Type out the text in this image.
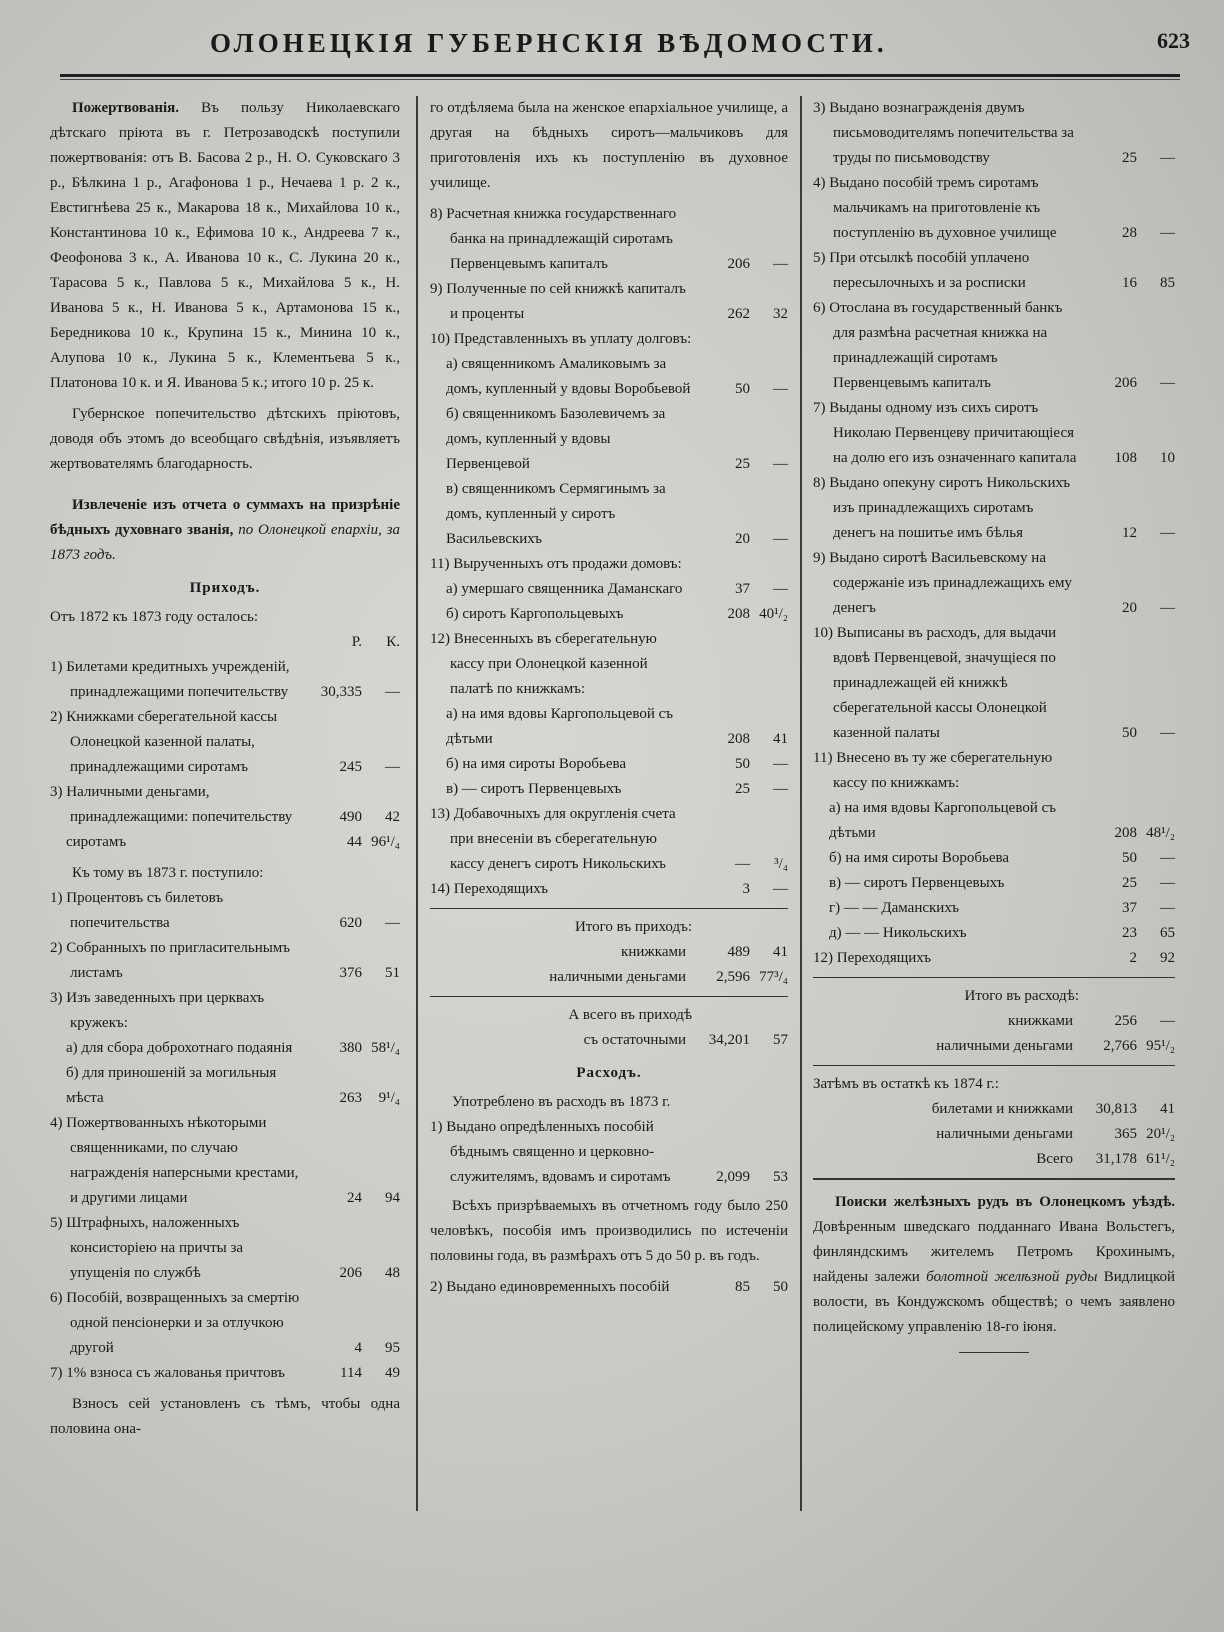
ОЛОНЕЦКІЯ ГУБЕРНСКІЯ ВѢДОМОСТИ.	623

Пожертвованія. Въ пользу Николаевскаго дѣтскаго пріюта въ г. Петрозаводскѣ поступили пожертвованія: отъ В. Басова 2 р., Н. О. Суковскаго 3 р., Бѣлкина 1 р., Агафонова 1 р., Нечаева 1 р. 2 к., Евстигнѣева 25 к., Макарова 18 к., Михайлова 10 к., Константинова 10 к., Ефимова 10 к., Андреева 7 к., Феофонова 3 к., А. Иванова 10 к., С. Лукина 20 к., Тарасова 5 к., Павлова 5 к., Михайлова 5 к., Н. Иванова 5 к., Н. Иванова 5 к., Артамонова 15 к., Бередникова 10 к., Крупина 15 к., Минина 10 к., Алупова 10 к., Лукина 5 к., Клементьева 5 к., Платонова 10 к. и Я. Иванова 5 к.; итого 10 р. 25 к.

Губернское попечительство дѣтскихъ пріютовъ, доводя объ этомъ до всеобщаго свѣдѣнія, изъявляетъ жертвователямъ благодарность.

Извлеченіе изъ отчета о суммахъ на призрѣніе бѣдныхъ духовнаго званія, по Олонецкой епархіи, за 1873 годъ.

Приходъ.
Отъ 1872 къ 1873 году осталось:
Р.	К.
1) Билетами кредитныхъ учрежденій, принадлежащими попечительству	30,335	—
2) Книжками сберегательной кассы Олонецкой казенной палаты, принадлежащими сиротамъ	245	—
3) Наличными деньгами, принадлежащими: попечительству	490	42
сиротамъ	44 96¹/₄
Къ тому въ 1873 г. поступило:
1) Процентовъ съ билетовъ попечительства	620	—
2) Собранныхъ по пригласительнымъ листамъ	376	51
3) Изъ заведенныхъ при церквахъ кружекъ:
а) для сбора доброхотнаго подаянія	380 58¹/₄
б) для приношеній за могильныя мѣста	263	9¹/₄
4) Пожертвованныхъ нѣкоторыми священниками, по случаю награжденія наперсными крестами, и другими лицами	24	94
5) Штрафныхъ, наложенныхъ консисторіею на причты за упущенія по службѣ	206	48
6) Пособій, возвращенныхъ за смертію одной пенсіонерки и за отлучкою другой	4	95
7) 1% взноса съ жалованья причтовъ	114	49

Взносъ сей установленъ съ тѣмъ, чтобы одна половина она-

го отдѣляема была на женское епархіальное училище, а другая на бѣдныхъ сиротъ—мальчиковъ для приготовленія ихъ къ поступленію въ духовное училище.

8) Расчетная книжка государственнаго банка на принадлежащій сиротамъ Первенцевымъ капиталъ	206	—
9) Полученные по сей книжкѣ капиталъ и проценты	262	32
10) Представленныхъ въ уплату долговъ:
а) священникомъ Амаликовымъ за домъ, купленный у вдовы Воробьевой	50	—
б) священникомъ Базолевичемъ за домъ, купленный у вдовы Первенцевой	25	—
в) священникомъ Сермягинымъ за домъ, купленный у сиротъ Васильевскихъ	20	—
11) Вырученныхъ отъ продажи домовъ:
а) умершаго священника Даманскаго	37	—
б) сиротъ Каргопольцевыхъ	208 40¹/₂
12) Внесенныхъ въ сберегательную кассу при Олонецкой казенной палатѣ по книжкамъ:
а) на имя вдовы Каргопольцевой съ дѣтьми	208	41
б) на имя сироты Воробьева	50	—
в) — сиротъ Первенцевыхъ	25	—
13) Добавочныхъ для округленія счета при внесеніи въ сберегательную кассу денегъ сиротъ Никольскихъ	—	³/₄
14) Переходящихъ	3	—
Итого въ приходъ:
книжками	489	41
наличными деньгами	2,596 77³/₄
А всего въ приходѣ
съ остаточными	34,201	57
Расходъ.
Употреблено въ расходъ въ 1873 г.
1) Выдано опредѣленныхъ пособій бѣднымъ священно и церковно-служителямъ, вдовамъ и сиротамъ	2,099	53

Всѣхъ призрѣваемыхъ въ отчетномъ году было 250 человѣкъ, пособія имъ производились по истеченіи половины года, въ размѣрахъ отъ 5 до 50 р. въ годъ.

2) Выдано единовременныхъ пособій	85	50
3) Выдано вознагражденія двумъ письмоводителямъ попечительства за труды по письмоводству	25	—
4) Выдано пособій тремъ сиротамъ мальчикамъ на приготовленіе къ поступленію въ духовное училище	28	—
5) При отсылкѣ пособій уплачено пересылочныхъ и за росписки	16	85
6) Отослана въ государственный банкъ для размѣна расчетная книжка на принадлежащій сиротамъ Первенцевымъ капиталъ	206	—
7) Выданы одному изъ сихъ сиротъ Николаю Первенцеву причитающіеся на долю его изъ означеннаго капитала	108	10
8) Выдано опекуну сиротъ Никольскихъ изъ принадлежащихъ сиротамъ денегъ на пошитье имъ бѣлья	12	—
9) Выдано сиротѣ Васильевскому на содержаніе изъ принадлежащихъ ему денегъ	20	—
10) Выписаны въ расходъ, для выдачи вдовѣ Первенцевой, значущіеся по принадлежащей ей книжкѣ сберегательной кассы Олонецкой казенной палаты	50	—
11) Внесено въ ту же сберегательную кассу по книжкамъ:
а) на имя вдовы Каргопольцевой съ дѣтьми	208 48¹/₂
б) на имя сироты Воробьева	50	—
в) — сиротъ Первенцевыхъ	25	—
г) — — Даманскихъ	37	—
д) — — Никольскихъ	23	65
12) Переходящихъ	2	92
Итого въ расходѣ:
книжками	256	—
наличными деньгами	2,766 95¹/₂
Затѣмъ въ остаткѣ къ 1874 г.:
билетами и книжками	30,813	41
наличными деньгами	365 20¹/₂
Всего	31,178 61¹/₂

Поиски желѣзныхъ рудъ въ Олонецкомъ уѣздѣ. Довѣренным шведскаго подданнаго Ивана Вольстегъ, финляндскимъ жителемъ Петромъ Крохинымъ, найдены залежи болотной желѣзной руды Видлицкой волости, въ Кондужскомъ обществѣ; о чемъ заявлено полицейскому управленію 18-го іюня.
